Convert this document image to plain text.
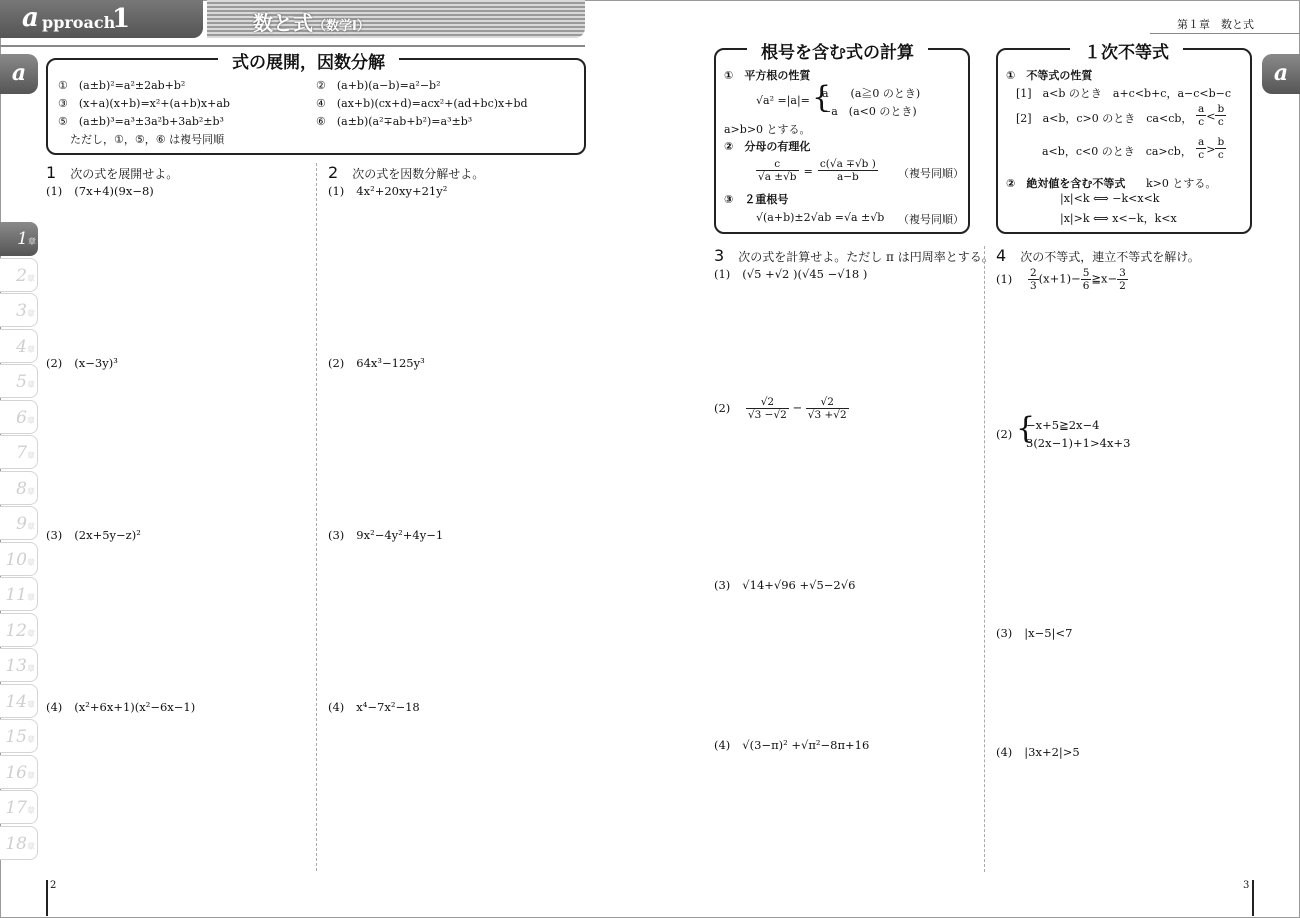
a pproach
1	数と式（数学Ⅰ）	第１章　数と式
a	a
1章
2章
3章
4章
5章
6章
7章
8章
9章
10章
11章
12章
13章
14章
15章
16章
17章
18章
式の展開，因数分解
①　(a±b)²=a²±2ab+b²	②　(a+b)(a−b)=a²−b²
③　(x+a)(x+b)=x²+(a+b)x+ab	④　(ax+b)(cx+d)=acx²+(ad+bc)x+bd
⑤　(a±b)³=a³±3a²b+3ab²±b³	⑥　(a±b)(a²∓ab+b²)=a³±b³
ただし，①，⑤，⑥ は複号同順
1 次の式を展開せよ。	2 次の式を因数分解せよ。
(1) (7x+4)(9x−8)
(2) (x−3y)³
(3) (2x+5y−z)²
(4) (x²+6x+1)(x²−6x−1)
(1) 4x²+20xy+21y²
(2) 64x³−125y³
(3) 9x²−4y²+4y−1
(4) x⁴−7x²−18
根号を含む式の計算
①　平方根の性質
√a² =|a|= {
a　　(a≧0 のとき)
−a　(a<0 のとき)
a>b>0 とする。
②　分母の有理化
$\frac{c}{√a \pm√b} = \frac{c(√a \mp√b )}{a-b}$ （複号同順）
③　２重根号
√(a+b)±2√ab =√a ±√b （複号同順）
１次不等式
①　不等式の性質
[1]　a<b のとき　a+c<b+c，a−c<b−c
[2]　a<b，c>0 のとき　ca<cb， $\frac{a}{c} < \frac{b}{c}$
a<b，c<0 のとき　ca>cb， $\frac{a}{c} > \frac{b}{c}$
②　絶対値を含む不等式 k>0 とする。
|x|<k ⟺ −k<x<k
|x|>k ⟺ x<−k，k<x
3 次の式を計算せよ。ただし π は円周率とする。 4 次の不等式，連立不等式を解け。
(1) (√5 +√2 )(√45 −√18 )
$(2) \frac{√2}{√3 -√2} - \frac{√2}{√3 +√2}$
(3) √14+√96 +√5−2√6
(4) √(3−π)² +√π²−8π+16
$(1) \frac{2}{3} (x+1)- \frac{5}{6}$ ≧x− $\frac{3}{2}$
(2) {
−x+5≧2x−4
3(2x−1)+1>4x+3
(3) |x−5|<7
(4) |3x+2|>5
2	3
